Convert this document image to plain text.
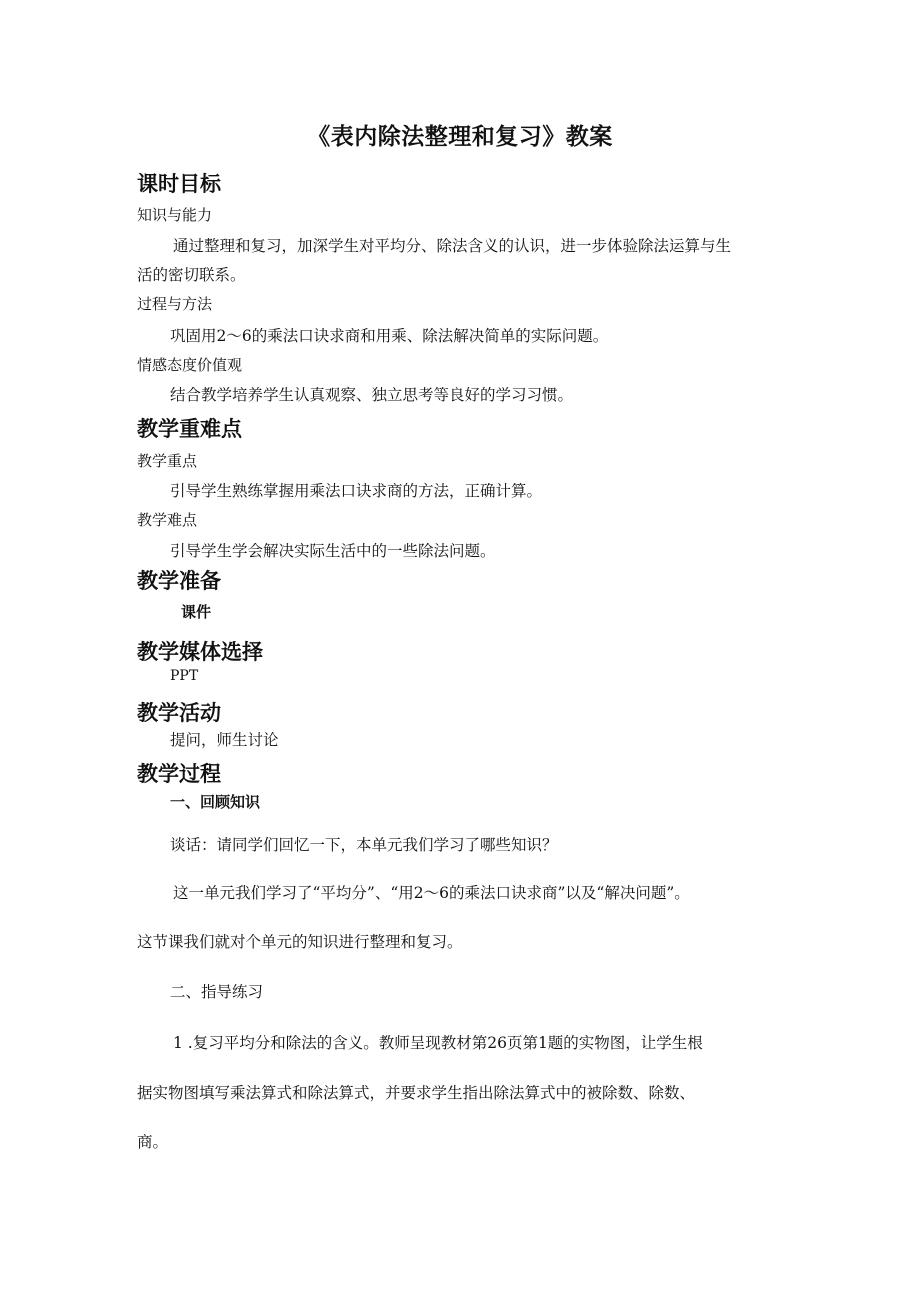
《表内除法整理和复习》教案
课时目标
知识与能力

通过整理和复习，加深学生对平均分、除法含义的认识，进一步体验除法运算与生

活的密切联系。

过程与方法

巩固用2～6的乘法口诀求商和用乘、除法解决简单的实际问题。

情感态度价值观

结合教学培养学生认真观察、独立思考等良好的学习习惯。

教学重难点
教学重点

引导学生熟练掌握用乘法口诀求商的方法，正确计算。

教学难点

引导学生学会解决实际生活中的一些除法问题。

教学准备
课件
教学媒体选择
PPT
教学活动

提问，师生讨论

教学过程
一、回顾知识

谈话：请同学们回忆一下，本单元我们学习了哪些知识？

这一单元我们学习了“平均分”、“用2～6的乘法口诀求商”以及“解决问题”。

这节课我们就对个单元的知识进行整理和复习。

二、指导练习

1 .复习平均分和除法的含义。教师呈现教材第26页第1题的实物图，让学生根

据实物图填写乘法算式和除法算式，并要求学生指出除法算式中的被除数、除数、

商。
